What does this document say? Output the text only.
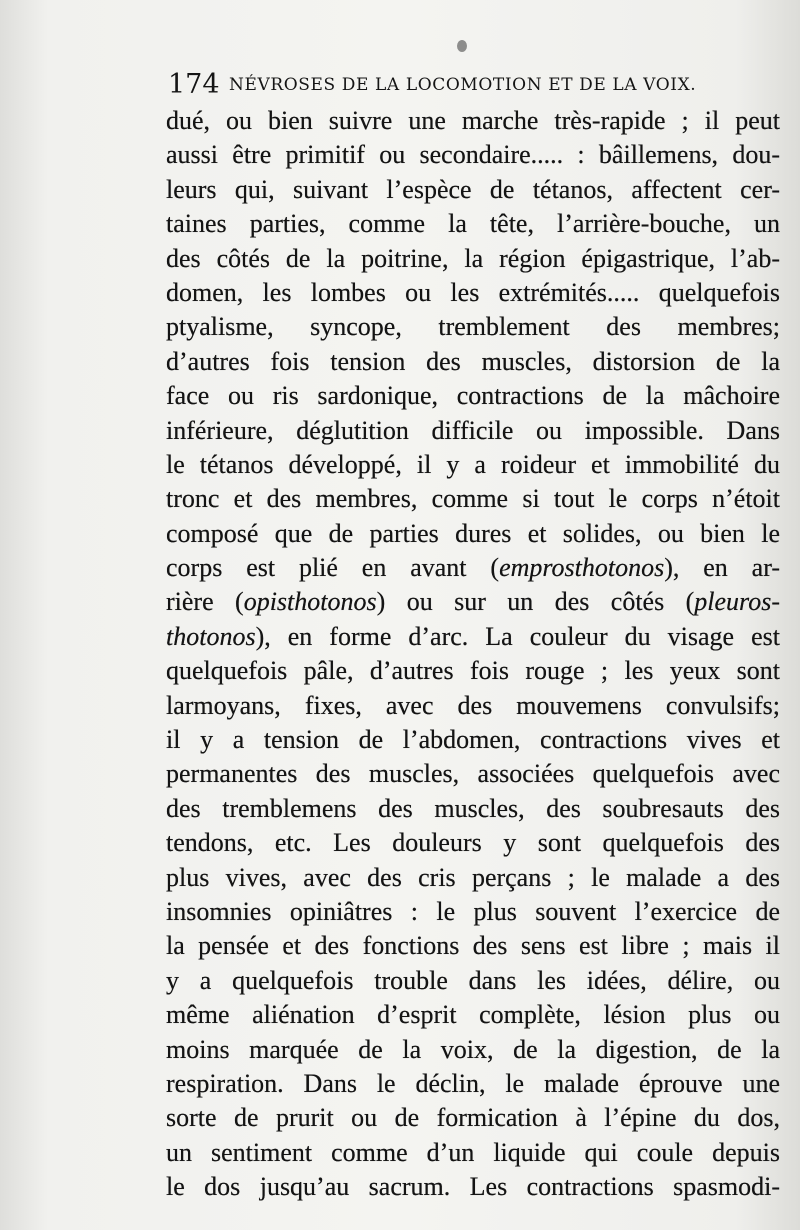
174 NÉVROSES DE LA LOCOMOTION ET DE LA VOIX.
dué, ou bien suivre une marche très-rapide ; il peut
aussi être primitif ou secondaire..... : bâillemens, dou-
leurs qui, suivant l’espèce de tétanos, affectent cer-
taines parties, comme la tête, l’arrière-bouche, un
des côtés de la poitrine, la région épigastrique, l’ab-
domen, les lombes ou les extrémités..... quelquefois
ptyalisme, syncope, tremblement des membres;
d’autres fois tension des muscles, distorsion de la
face ou ris sardonique, contractions de la mâchoire
inférieure, déglutition difficile ou impossible. Dans
le tétanos développé, il y a roideur et immobilité du
tronc et des membres, comme si tout le corps n’étoit
composé que de parties dures et solides, ou bien le
corps est plié en avant (emprosthotonos), en ar-
rière (opisthotonos) ou sur un des côtés (pleuros-
thotonos), en forme d’arc. La couleur du visage est
quelquefois pâle, d’autres fois rouge ; les yeux sont
larmoyans, fixes, avec des mouvemens convulsifs;
il y a tension de l’abdomen, contractions vives et
permanentes des muscles, associées quelquefois avec
des tremblemens des muscles, des soubresauts des
tendons, etc. Les douleurs y sont quelquefois des
plus vives, avec des cris perçans ; le malade a des
insomnies opiniâtres : le plus souvent l’exercice de
la pensée et des fonctions des sens est libre ; mais il
y a quelquefois trouble dans les idées, délire, ou
même aliénation d’esprit complète, lésion plus ou
moins marquée de la voix, de la digestion, de la
respiration. Dans le déclin, le malade éprouve une
sorte de prurit ou de formication à l’épine du dos,
un sentiment comme d’un liquide qui coule depuis
le dos jusqu’au sacrum. Les contractions spasmodi-
